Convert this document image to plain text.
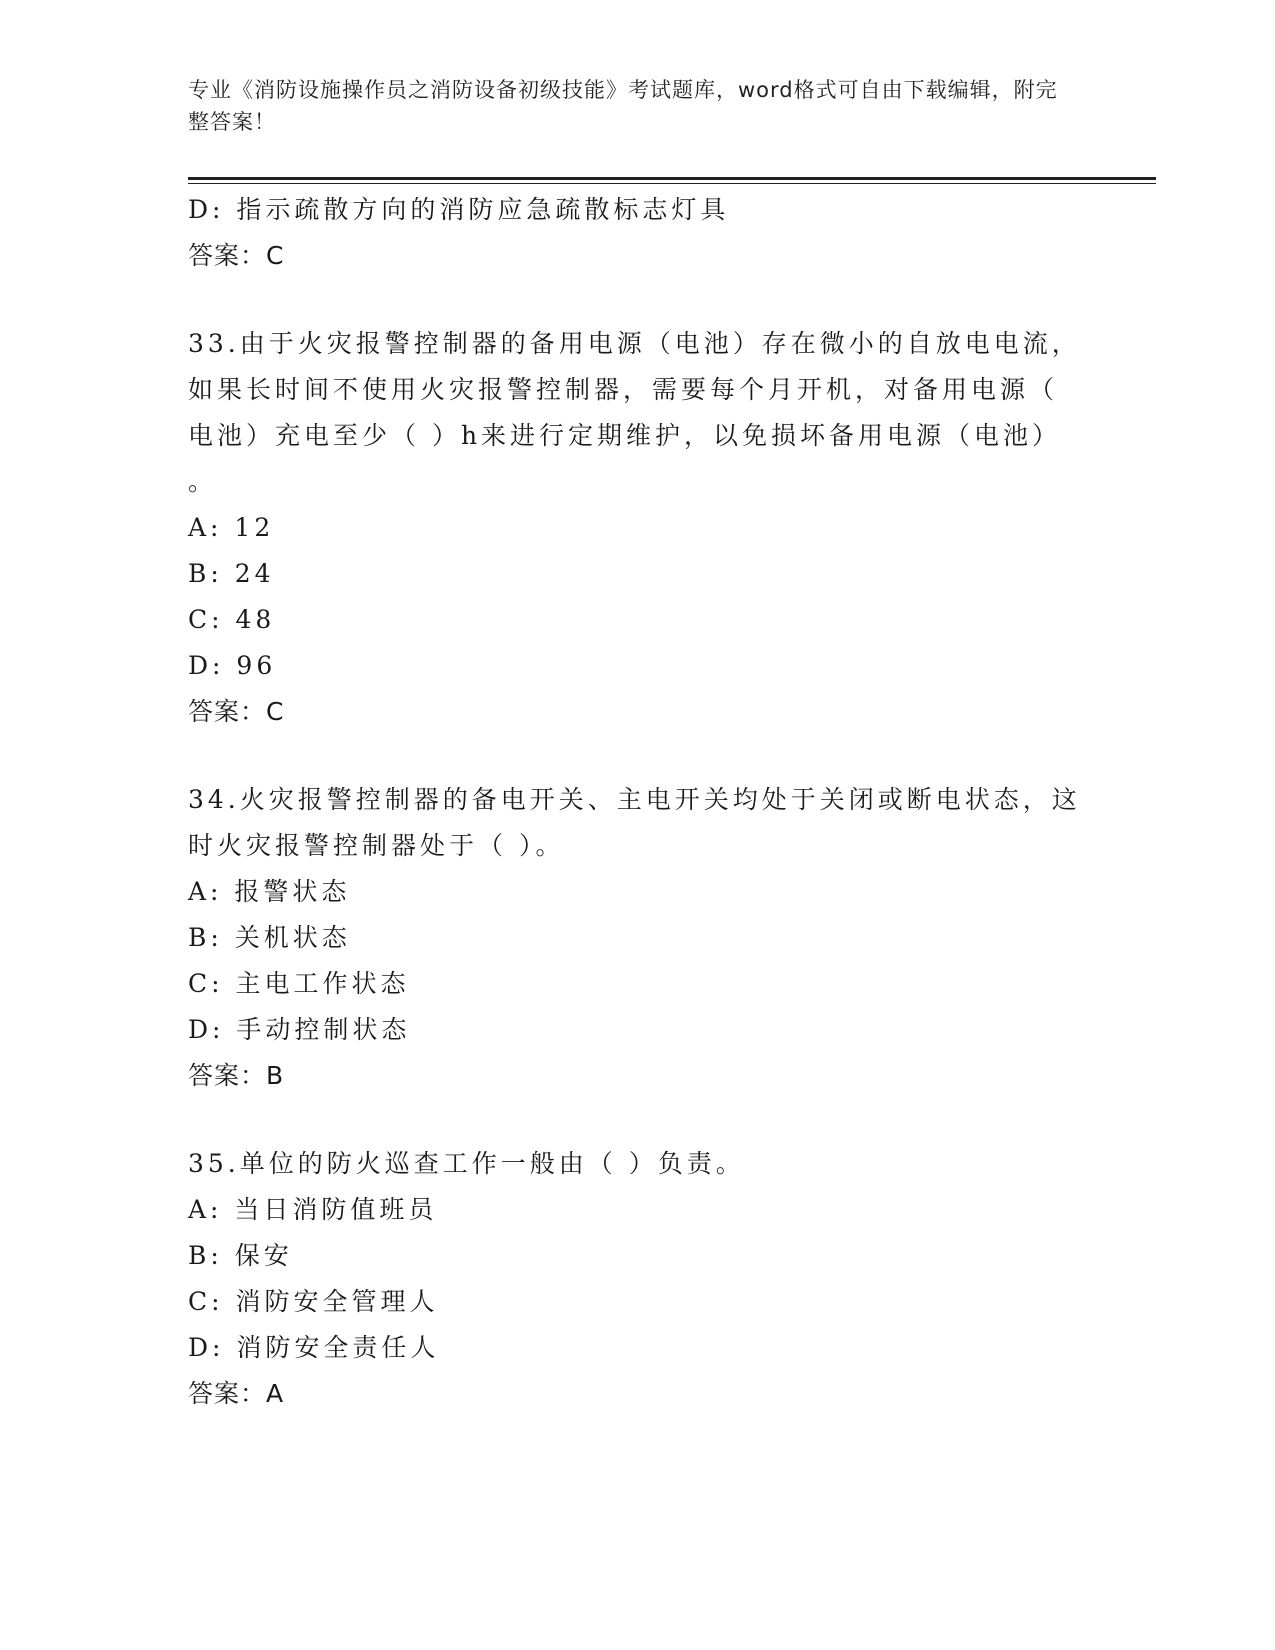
专业《消防设施操作员之消防设备初级技能》考试题库，word格式可自由下载编辑，附完整答案！
D: 指示疏散方向的消防应急疏散标志灯具
答案：C
33.由于火灾报警控制器的备用电源（电池）存在微小的自放电电流，
如果长时间不使用火灾报警控制器，需要每个月开机，对备用电源（
电池）充电至少（ ）h来进行定期维护，以免损坏备用电源（电池）
。
A: 12
B: 24
C: 48
D: 96
答案：C
34.火灾报警控制器的备电开关、主电开关均处于关闭或断电状态，这
时火灾报警控制器处于（ ）。
A: 报警状态
B: 关机状态
C: 主电工作状态
D: 手动控制状态
答案：B
35.单位的防火巡查工作一般由（ ）负责。
A: 当日消防值班员
B: 保安
C: 消防安全管理人
D: 消防安全责任人
答案：A
